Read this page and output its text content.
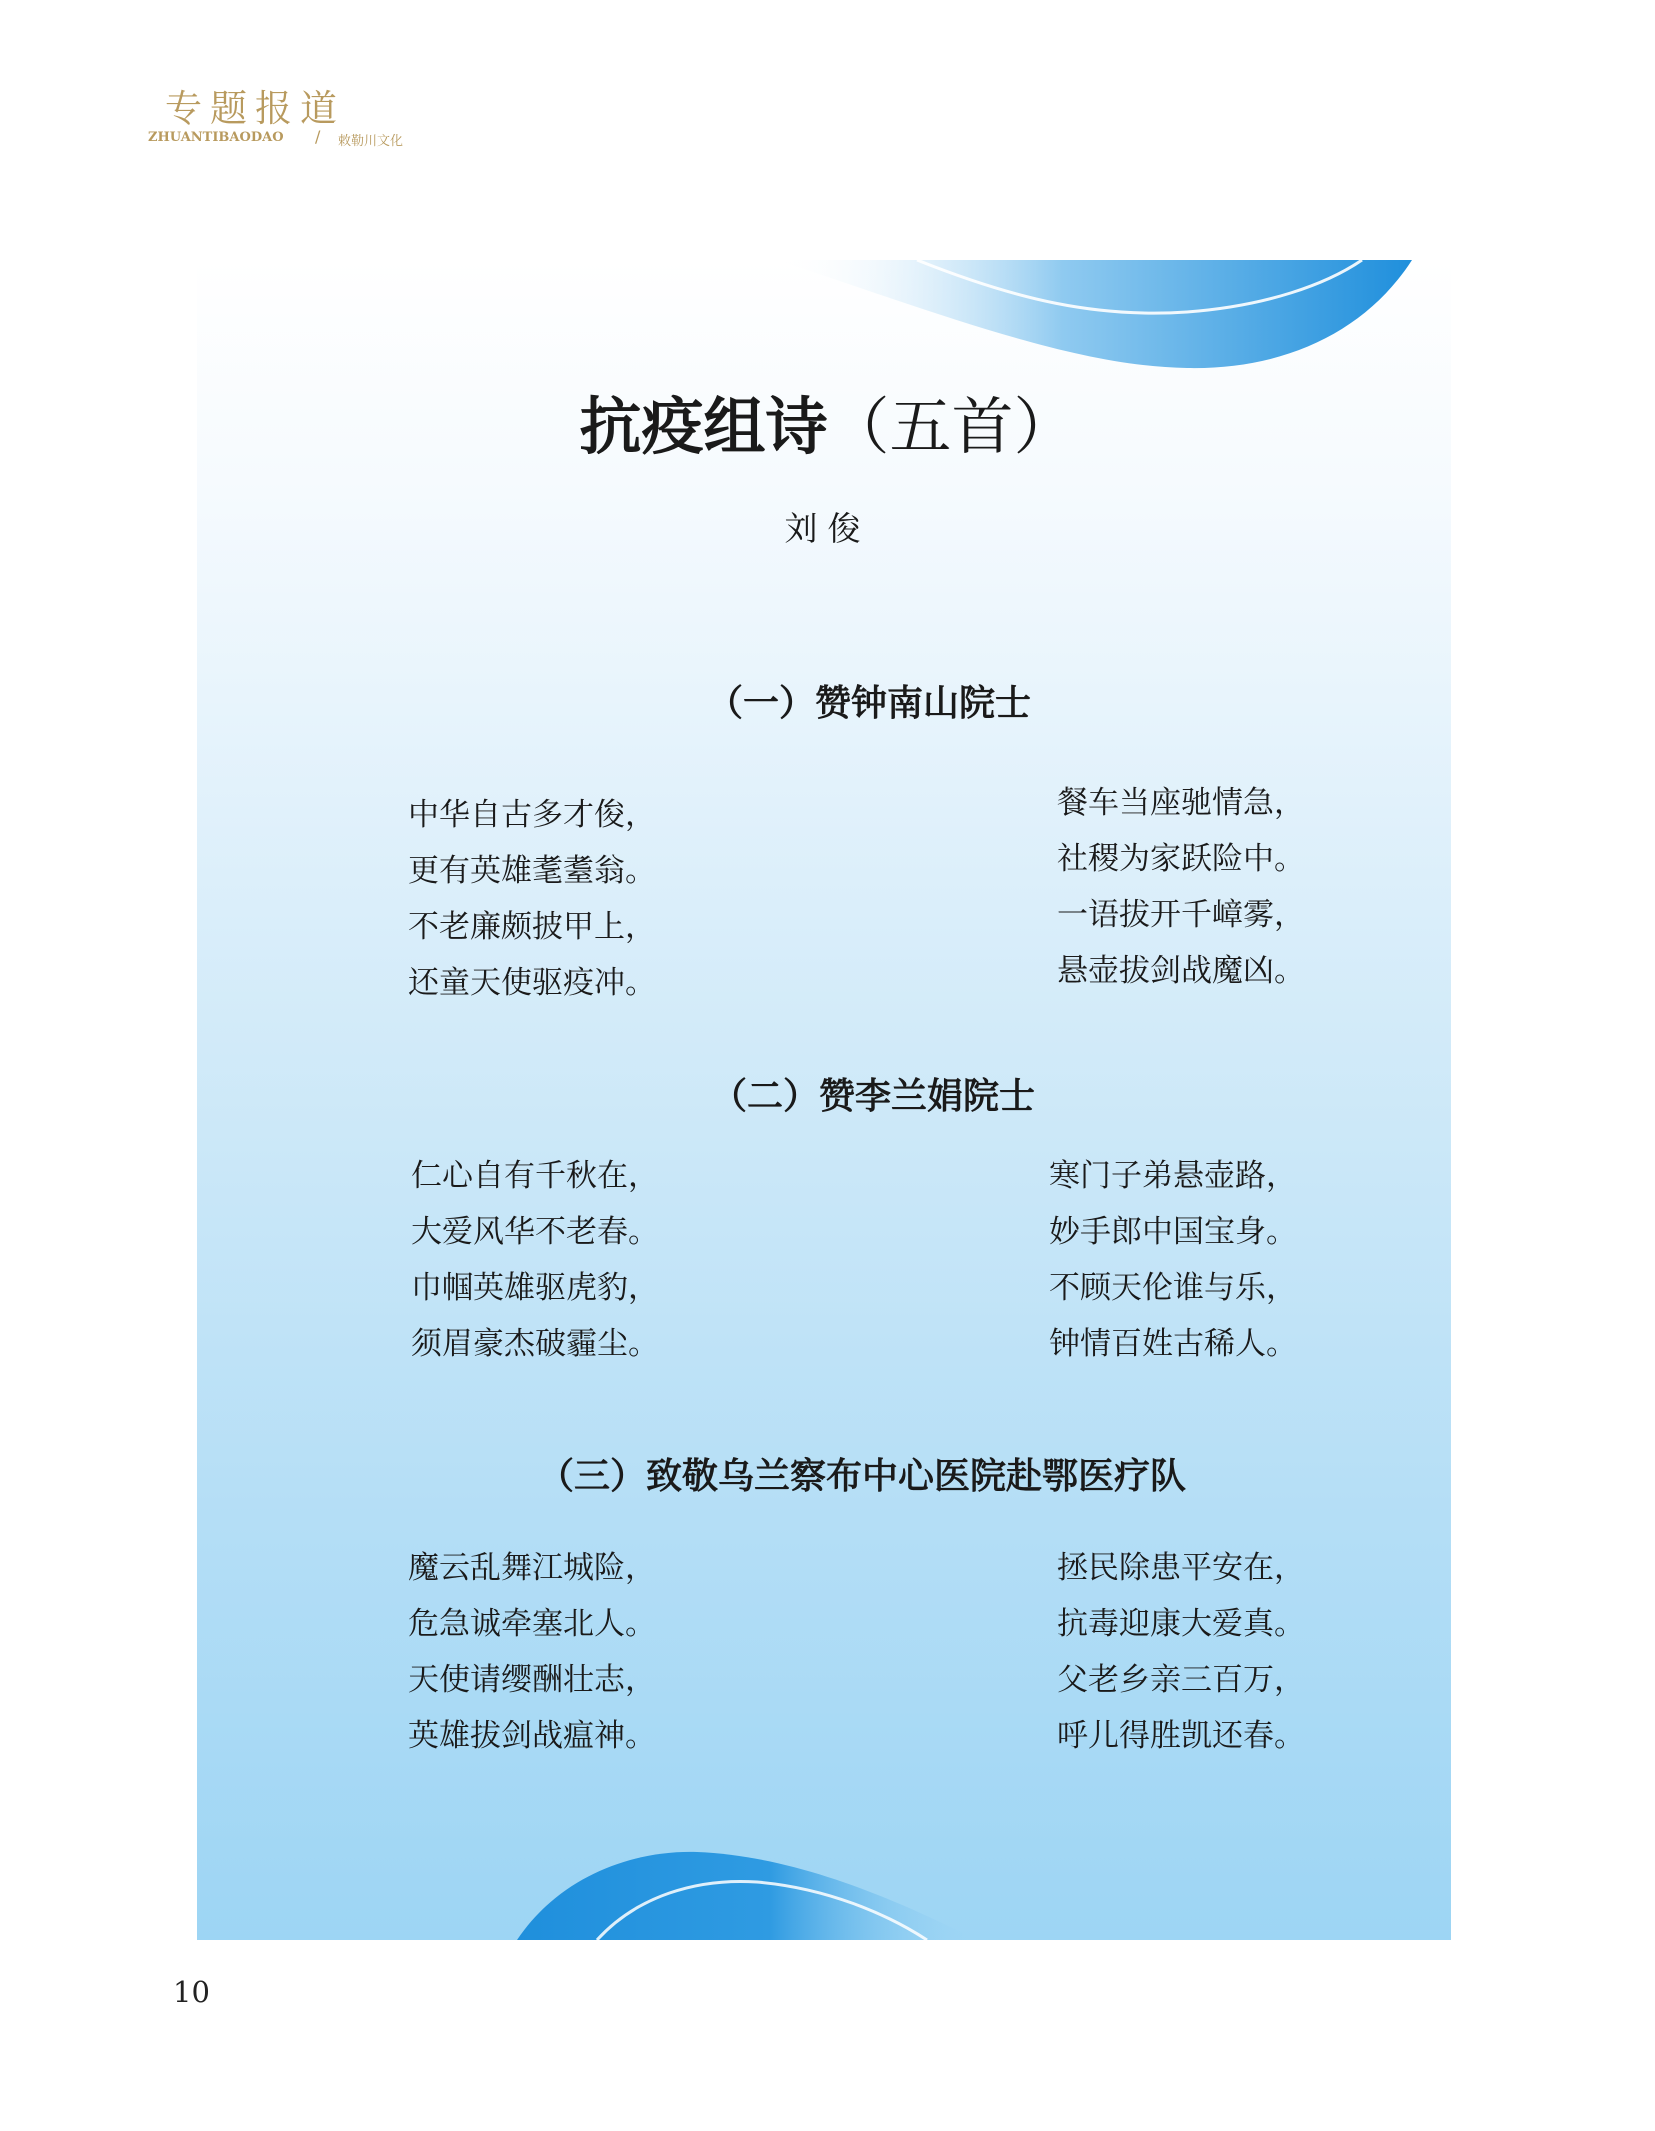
专题报道
ZHUANTIBAODAO / 敕勒川文化
抗疫组诗（五首）
刘俊
（一）赞钟南山院士
中华自古多才俊，
更有英雄耄耋翁。
不老廉颇披甲上，
还童天使驱疫冲。
餐车当座驰情急，
社稷为家跃险中。
一语拔开千嶂雾，
悬壶拔剑战魔凶。
（二）赞李兰娟院士
仁心自有千秋在，
大爱风华不老春。
巾帼英雄驱虎豹，
须眉豪杰破霾尘。
寒门子弟悬壶路，
妙手郎中国宝身。
不顾天伦谁与乐，
钟情百姓古稀人。
（三）致敬乌兰察布中心医院赴鄂医疗队
魔云乱舞江城险，
危急诚牵塞北人。
天使请缨酬壮志，
英雄拔剑战瘟神。
拯民除患平安在，
抗毒迎康大爱真。
父老乡亲三百万，
呼儿得胜凯还春。
10
